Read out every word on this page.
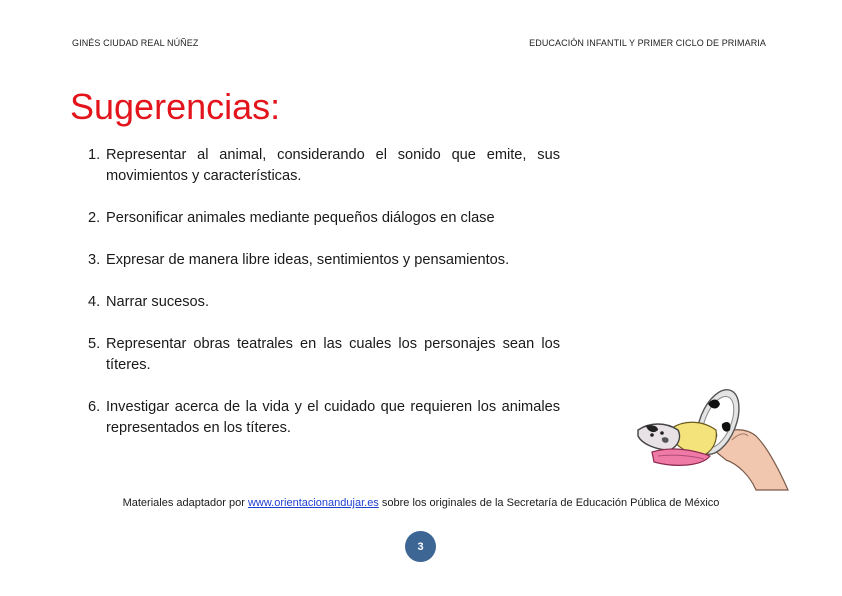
GINÉS CIUDAD REAL NÚÑEZ	EDUCACIÓN INFANTIL Y PRIMER CICLO DE PRIMARIA
Sugerencias:
1. Representar al animal, considerando el sonido que emite, sus movimientos y características.
2. Personificar animales mediante pequeños diálogos en clase
3. Expresar de manera libre ideas, sentimientos y pensamientos.
4. Narrar sucesos.
5. Representar obras teatrales en las cuales los personajes sean los títeres.
6. Investigar acerca de la vida y el cuidado que requieren los animales representados en los títeres.
Materiales adaptador por www.orientacionandujar.es sobre los originales de la Secretaría de Educación Pública de México
3
